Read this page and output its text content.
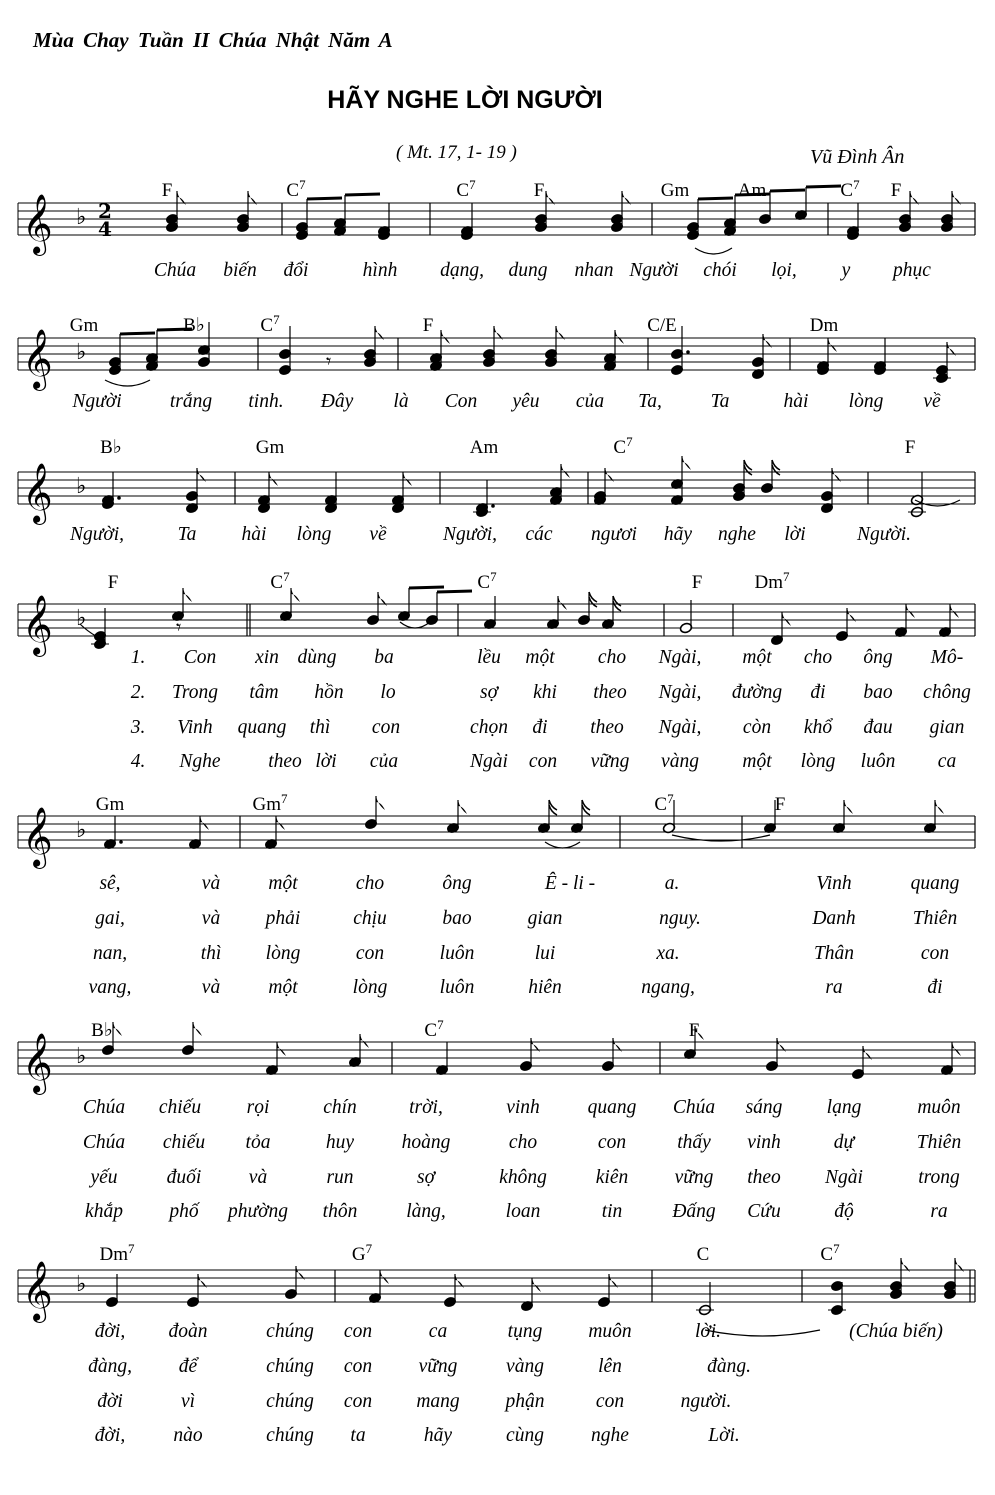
Mùa Chay Tuần II Chúa Nhật Năm A
HÃY NGHE LỜI NGƯỜI
( Mt. 17, 1- 19 )	Vũ Đình Ân
𝄞 ♭ 2
4
F	$C^7$	$C^7$	F	Gm	Am	$C^7$ F
𝄞 ♭
Gm	B♭	$C^7$	F	C/E	Dm
𝄞 ♭
B♭	Gm	Am	$C^7$	F
𝄞 ♭
F	$C^7$	$C^7$	F	Dm$^7$
𝄞 ♭
Gm	Gm$^7$	$C^7$	F
𝄞 ♭
B♭	$C^7$	F
𝄞 ♭
Dm$^7$	$G^7$	C	$C^7$
𝄾
𝄾
Chúa biến đổi	hình dạng, dung nhan Người chói lọi, y phục
Người trắng tinh. Đây là Con yêu của Ta,	Ta	hài lòng về
Người,	Ta hài lòng về	Người, các ngươi hãy nghe lời	Người.
1. Con xin dùng ba	lều một cho Ngài, một cho ông Mô-
2. Trong tâm hồn lo	sợ khi theo Ngài, đường đi bao chông
3. Vinh quang thì con	chọn đi theo Ngài, còn khổ đau gian
4. Nghe theo lời của	Ngài con vững vàng một lòng luôn ca
sê,	và một	cho	ông	Ê - li -	a.	Vinh	quang
gai,	và phải	chịu	bao	gian	nguy.	Danh	Thiên
nan,	thì lòng	con	luôn	lui	xa.	Thân	con
vang,	và một	lòng	luôn	hiên	ngang,	ra	đi
Chúa chiếu rọi	chín	trời,	vinh quang Chúa sáng lạng	muôn
Chúa chiếu tỏa	huy hoàng	cho	con	thấy vinh	dự	Thiên
yếu	đuối và	run	sợ	không	kiên vững theo Ngài	trong
khắp phố phường thôn	làng,	loan	tin	Đấng Cứu	độ	ra
đời, đoàn	chúng con	ca	tụng muôn	lời.	(Chúa biến)
đàng, để	chúng con vững vàng	lên	đàng.
đời	vì	chúng con mang phận	con	người.
đời, nào	chúng ta	hãy	cùng nghe	Lời.
